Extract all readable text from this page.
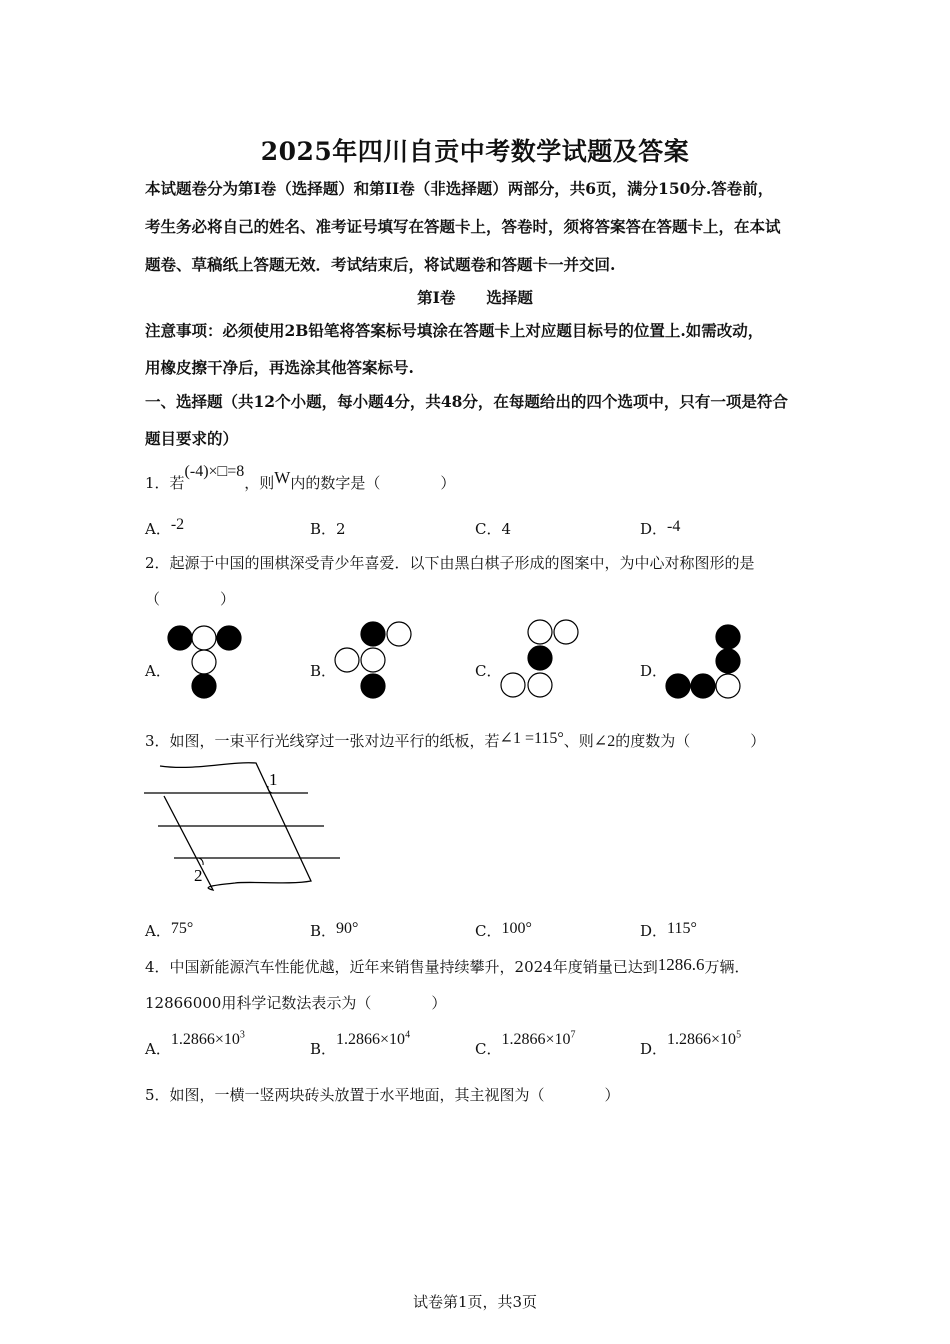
2025年四川自贡中考数学试题及答案
本试题卷分为第Ⅰ卷（选择题）和第II卷（非选择题）两部分，共6页，满分150分.答卷前，
考生务必将自己的姓名、准考证号填写在答题卡上，答卷时，须将答案答在答题卡上，在本试
题卷、草稿纸上答题无效．考试结束后，将试题卷和答题卡一并交回.
第Ⅰ卷　　选择题
注意事项：必须使用2B铅笔将答案标号填涂在答题卡上对应题目标号的位置上.如需改动，
用橡皮擦干净后，再选涂其他答案标号.
一、选择题（共12个小题，每小题4分，共48分，在每题给出的四个选项中，只有一项是符合
题目要求的）
1．若(-4)×□=8，则W内的数字是（　　　　）
A．-2	B．2	C．4	D．-4
2．起源于中国的围棋深受青少年喜爱．以下由黑白棋子形成的图案中，为中心对称图形的是
（　　　　）
A．	B．	C．	D．
3．如图，一束平行光线穿过一张对边平行的纸板，若∠1 =115°、则∠2的度数为（　　　　）
1
2
A．75°	B．90°	C．100°	D．115°
4．中国新能源汽车性能优越，近年来销售量持续攀升，2024年度销量已达到1286.6万辆．
12866000用科学记数法表示为（　　　　）
A．$1.2866\times 10^3$
B．$1.2866\times 10^4$
C．$1.2866\times 10^7$
D．$1.2866\times 10^5$
5．如图，一横一竖两块砖头放置于水平地面，其主视图为（　　　　）
试卷第1页，共3页
